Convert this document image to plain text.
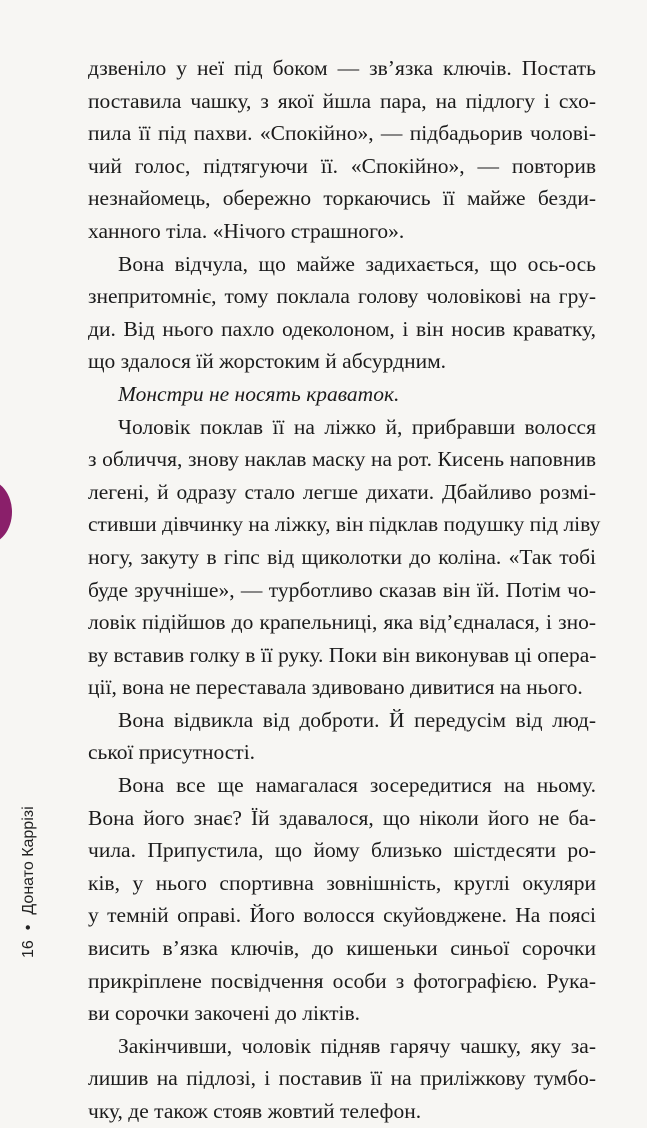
дзвеніло у неї під боком — зв’язка ключів. Постать
поставила чашку, з якої йшла пара, на підлогу і схо-
пила її під пахви. «Спокійно», — підбадьорив чолові-
чий голос, підтягуючи її. «Спокійно», — повторив
незнайомець, обережно торкаючись її майже безди-
ханного тіла. «Нічого страшного».

Вона відчула, що майже задихається, що ось-ось
знепритомніє, тому поклала голову чоловікові на гру-
ди. Від нього пахло одеколоном, і він носив краватку,
що здалося їй жорстоким й абсурдним.

Монстри не носять краваток.

Чоловік поклав її на ліжко й, прибравши волосся
з обличчя, знову наклав маску на рот. Кисень наповнив
легені, й одразу стало легше дихати. Дбайливо розмі-
стивши дівчинку на ліжку, він підклав подушку під ліву
ногу, закуту в гіпс від щиколотки до коліна. «Так тобі
буде зручніше», — турботливо сказав він їй. Потім чо-
ловік підійшов до крапельниці, яка від’єдналася, і зно-
ву вставив голку в її руку. Поки він виконував ці опера-
ції, вона не переставала здивовано дивитися на нього.

Вона відвикла від доброти. Й передусім від люд-
ської присутності.

Вона все ще намагалася зосередитися на ньому.
Вона його знає? Їй здавалося, що ніколи його не ба-
чила. Припустила, що йому близько шістдесяти ро-
ків, у нього спортивна зовнішність, круглі окуляри
у темній оправі. Його волосся скуйовджене. На поясі
висить в’язка ключів, до кишеньки синьої сорочки
прикріплене посвідчення особи з фотографією. Рука-
ви сорочки закочені до ліктів.

Закінчивши, чоловік підняв гарячу чашку, яку за-
лишив на підлозі, і поставив її на приліжкову тумбо-
чку, де також стояв жовтий телефон.

16•Донато Каррізі
